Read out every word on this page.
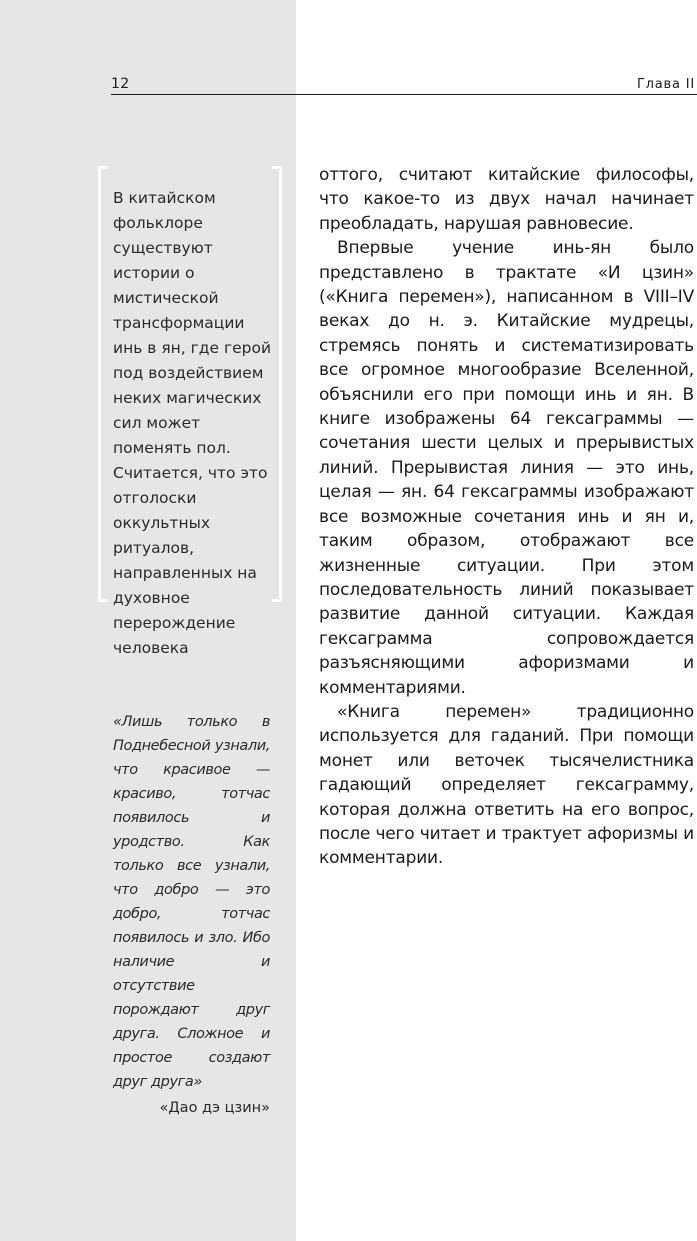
12	Глава II
В китайском фольклоре существуют истории о мистической трансформации инь в ян, где герой под воздействием неких магических сил может поменять пол. Считается, что это отголоски оккультных ритуалов, направленных на духовное перерождение человека
«Лишь только в Поднебесной узнали, что красивое — красиво, тотчас появилось и уродство. Как только все узнали, что добро — это добро, тотчас появилось и зло. Ибо наличие и отсутствие порождают друг друга. Сложное и простое создают друг друга»
«Дао дэ цзин»

оттого, считают китайские философы, что какое-то из двух начал начинает преобладать, нарушая равновесие.

Впервые учение инь-ян было представлено в трактате «И цзин» («Книга перемен»), написанном в VIII–IV веках до н. э. Китайские мудрецы, стремясь понять и систематизировать все огромное многообразие Вселенной, объяснили его при помощи инь и ян. В книге изображены 64 гексаграммы — сочетания шести целых и прерывистых линий. Прерывистая линия — это инь, целая — ян. 64 гексаграммы изображают все возможные сочетания инь и ян и, таким образом, отображают все жизненные ситуации. При этом последовательность линий показывает развитие данной ситуации. Каждая гексаграмма сопровождается разъясняющими афоризмами и комментариями.

«Книга перемен» традиционно используется для гаданий. При помощи монет или веточек тысячелистника гадающий определяет гексаграмму, которая должна ответить на его вопрос, после чего читает и трактует афоризмы и комментарии.
